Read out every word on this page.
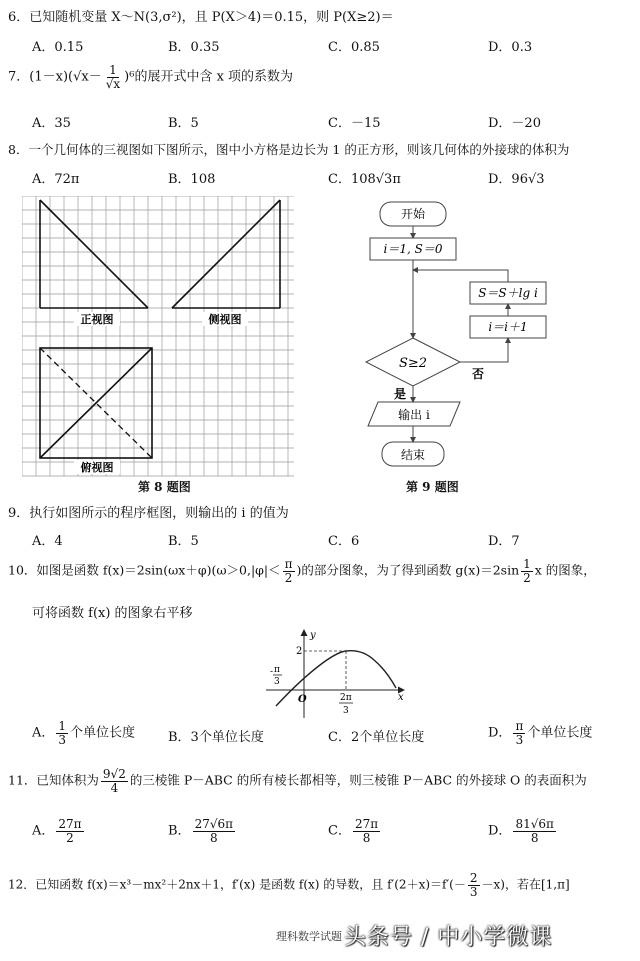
6．已知随机变量 X～N(3,σ²)，且 P(X＞4)＝0.15，则 P(X≥2)＝
A．0.15	B．0.35	C．0.85	D．0.3
7．$(1-x)(√x- \frac{1}{√x} )^6$的展开式中含 x 项的系数为
A．35	B．5	C．－15	D．－20
8．一个几何体的三视图如下图所示，图中小方格是边长为 1 的正方形，则该几何体的外接球的体积为
A．72π	B．108	C．108√3π	D．96√3
正视图	侧视图
俯视图
第 8 题图
开始
i＝1, S＝0
S＝S＋lg i
i＝i＋1
S≥2
否
是
输出 i
结束
第 9 题图
9．执行如图所示的程序框图，则输出的 i 的值为
A．4	B．5	C．6	D．7
10．如图是函数 $f(x)=2\sin(\omega x+\varphi)(\omega>0,|\varphi|< \frac{\pi}{2}$ )的部分图象，为了得到函数 $g(x)=2\sin \frac{1}{2}$ x 的图象，
可将函数 f(x) 的图象右平移
y
x
2
O
- π
3
2π
3
A． $\frac{1}{3}$ 个单位长度	B．3个单位长度	C．2个单位长度	D． $\frac{\pi}{3}$ 个单位长度
11．已知体积为 $\frac{9√2}{4}$ 的三棱锥 P－ABC 的所有棱长都相等，则三棱锥 P－ABC 的外接球 O 的表面积为
A． $\frac{27\pi}{2}$	B． $\frac{27√6\pi}{8}$	C． $\frac{27\pi}{8}$	D． $\frac{81√6\pi}{8}$
12．已知函数 f(x)＝x³－mx²＋2nx＋1，f′(x) 是函数 f(x) 的导数，且 $f'(2+x)=f'(- \frac{2}{3} -x)$，若在[1,π]
理科数学试题 头条号 / 中小学微课
